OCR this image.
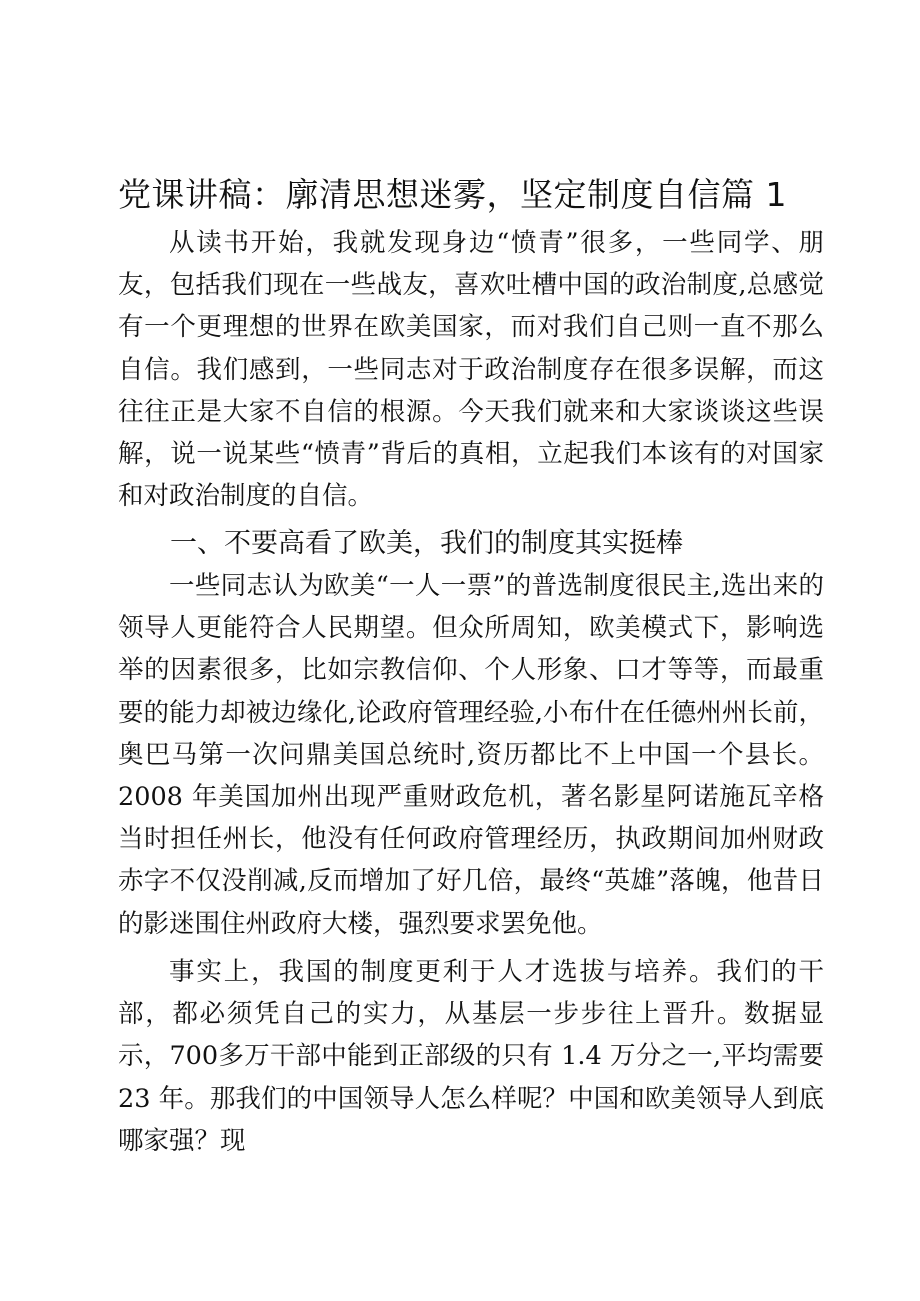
党课讲稿：廓清思想迷雾，坚定制度自信篇 1

从读书开始，我就发现身边“愤青”很多，一些同学、朋友，包括我们现在一些战友，喜欢吐槽中国的政治制度,总感觉有一个更理想的世界在欧美国家，而对我们自己则一直不那么自信。我们感到，一些同志对于政治制度存在很多误解，而这往往正是大家不自信的根源。今天我们就来和大家谈谈这些误解，说一说某些“愤青”背后的真相，立起我们本该有的对国家和对政治制度的自信。

一、不要高看了欧美，我们的制度其实挺棒

一些同志认为欧美“一人一票”的普选制度很民主,选出来的领导人更能符合人民期望。但众所周知，欧美模式下，影响选举的因素很多，比如宗教信仰、个人形象、口才等等，而最重要的能力却被边缘化,论政府管理经验,小布什在任德州州长前，奥巴马第一次问鼎美国总统时,资历都比不上中国一个县长。2008 年美国加州出现严重财政危机，著名影星阿诺施瓦辛格当时担任州长，他没有任何政府管理经历，执政期间加州财政赤字不仅没削减,反而增加了好几倍，最终“英雄”落魄，他昔日的影迷围住州政府大楼，强烈要求罢免他。

事实上，我国的制度更利于人才选拔与培养。我们的干部，都必须凭自己的实力，从基层一步步往上晋升。数据显示，700多万干部中能到正部级的只有 1.4 万分之一,平均需要 23 年。那我们的中国领导人怎么样呢？中国和欧美领导人到底哪家强？现
